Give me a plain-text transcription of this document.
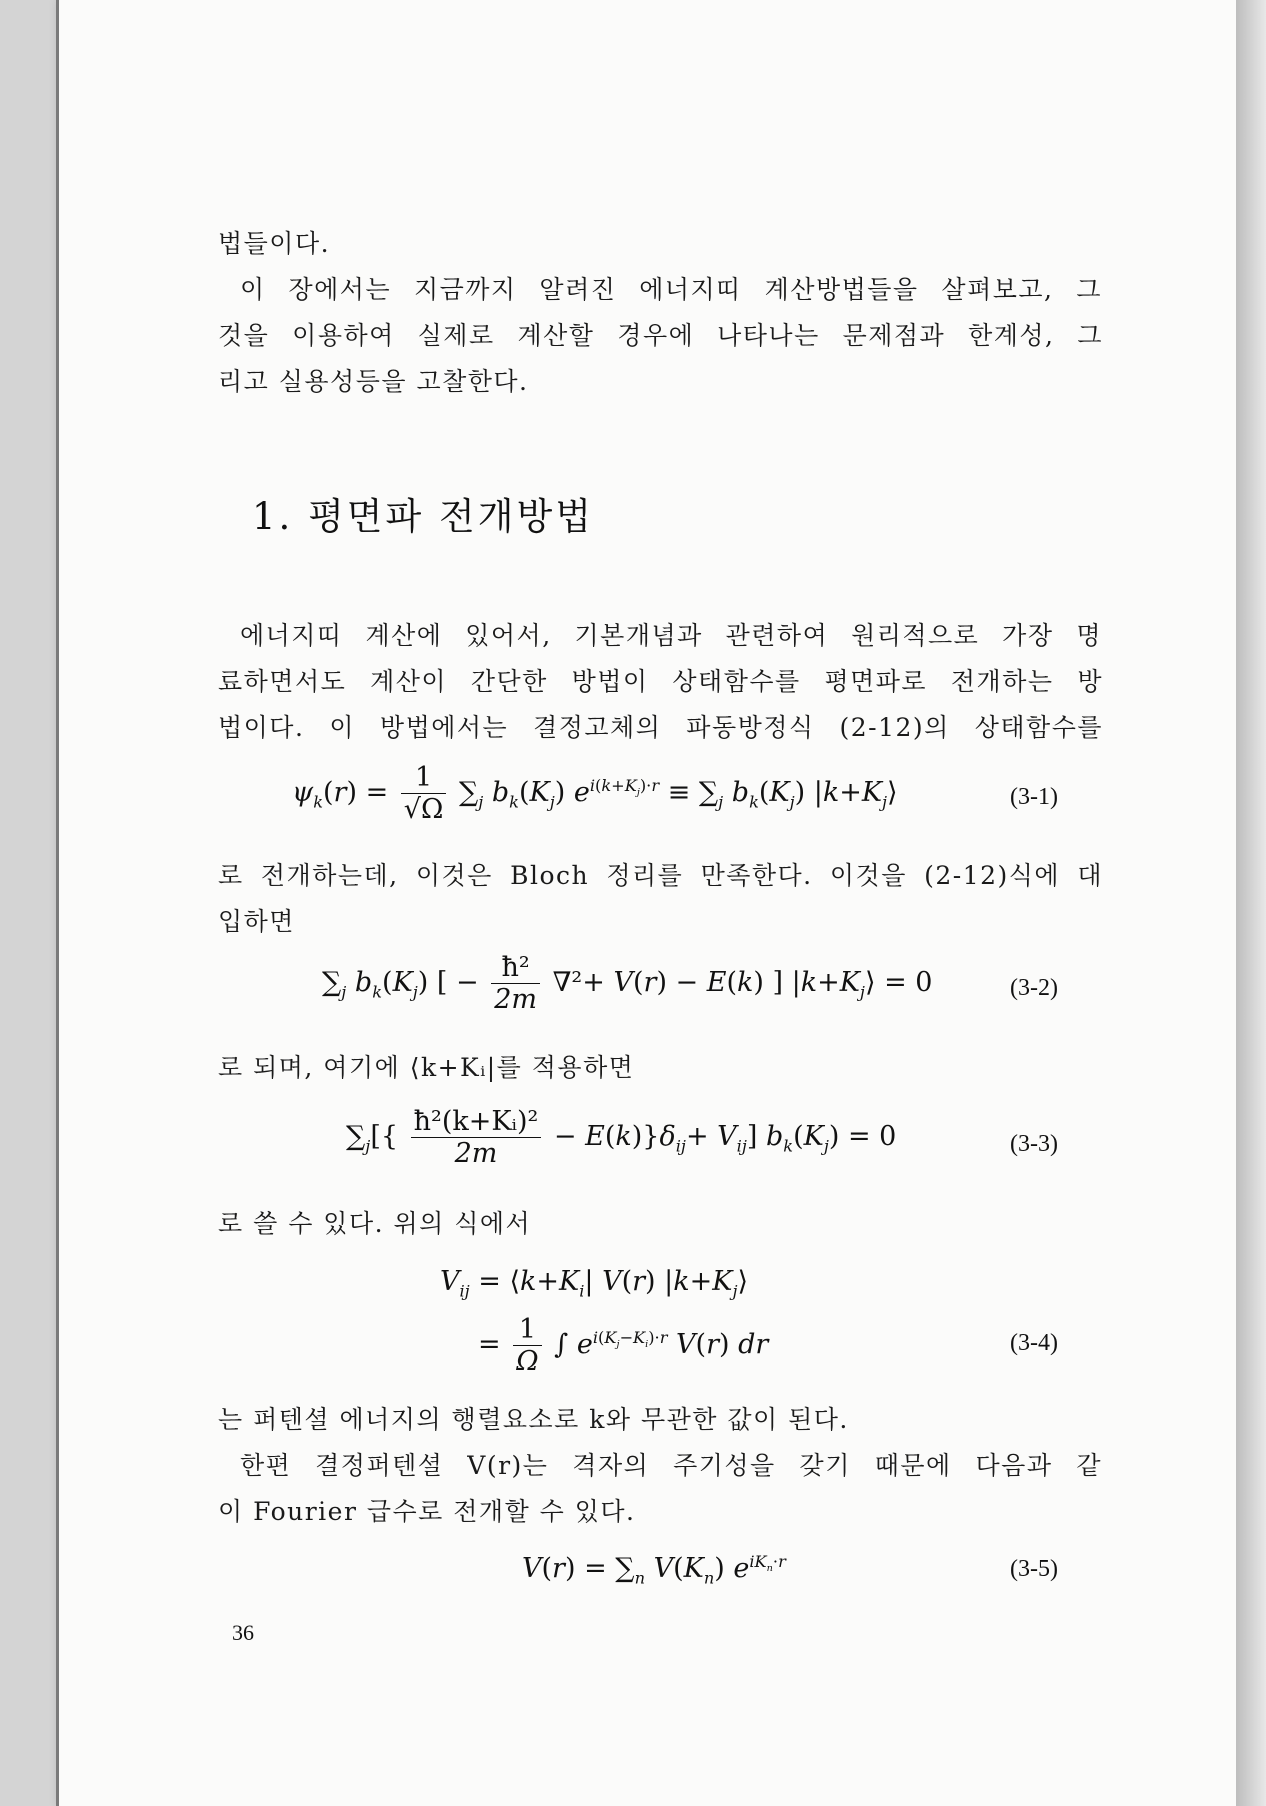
법들이다.
이 장에서는 지금까지 알려진 에너지띠 계산방법들을 살펴보고, 그
것을 이용하여 실제로 계산할 경우에 나타나는 문제점과 한계성, 그
리고 실용성등을 고찰한다.
1. 평면파 전개방법
에너지띠 계산에 있어서, 기본개념과 관련하여 원리적으로 가장 명
료하면서도 계산이 간단한 방법이 상태함수를 평면파로 전개하는 방
법이다. 이 방법에서는 결정고체의 파동방정식 (2-12)의 상태함수를
$\psi_k(r) = \frac{1}{√\Omega} \sum_j$ $b_k(K_j) e^{i(k+K_j)\cdot r} \equiv \sum_j$ $b_k(K_j)$ $|k+K_j⟩$	(3-1)
로 전개하는데, 이것은 Bloch 정리를 만족한다. 이것을 (2-12)식에 대
입하면
$\sum_j$ $b_k(K_j)$ [ − $\frac{\text{ħ²}}{2m} \nabla^2+ V(r) - E(k)$ ] $|k+K_j⟩ = 0$	(3-2)
로 되며, 여기에 ⟨k+Kᵢ|를 적용하면
$\sum_j[\{ \frac{\text{ħ²(k+Kᵢ)²}}{2m} - E(k)\}\delta_{ij}+ V_{ij}] b_k(K_j) = 0$	(3-3)
로 쓸 수 있다. 위의 식에서
$V_{ij}$ = $⟨k+K_i|$ V(r) $|k+K_j⟩$
= $\frac{1}{\Omega}$ ∫ $e^{i(K_j-K_i)\cdot r}$ V(r) dr	(3-4)
는 퍼텐셜 에너지의 행렬요소로 k와 무관한 값이 된다.
한편 결정퍼텐셜 V(r)는 격자의 주기성을 갖기 때문에 다음과 같
이 Fourier 급수로 전개할 수 있다.
$V(r) = \sum_n$ $V(K_n)$ $e^{iK_n\cdot r}$	(3-5)
36
